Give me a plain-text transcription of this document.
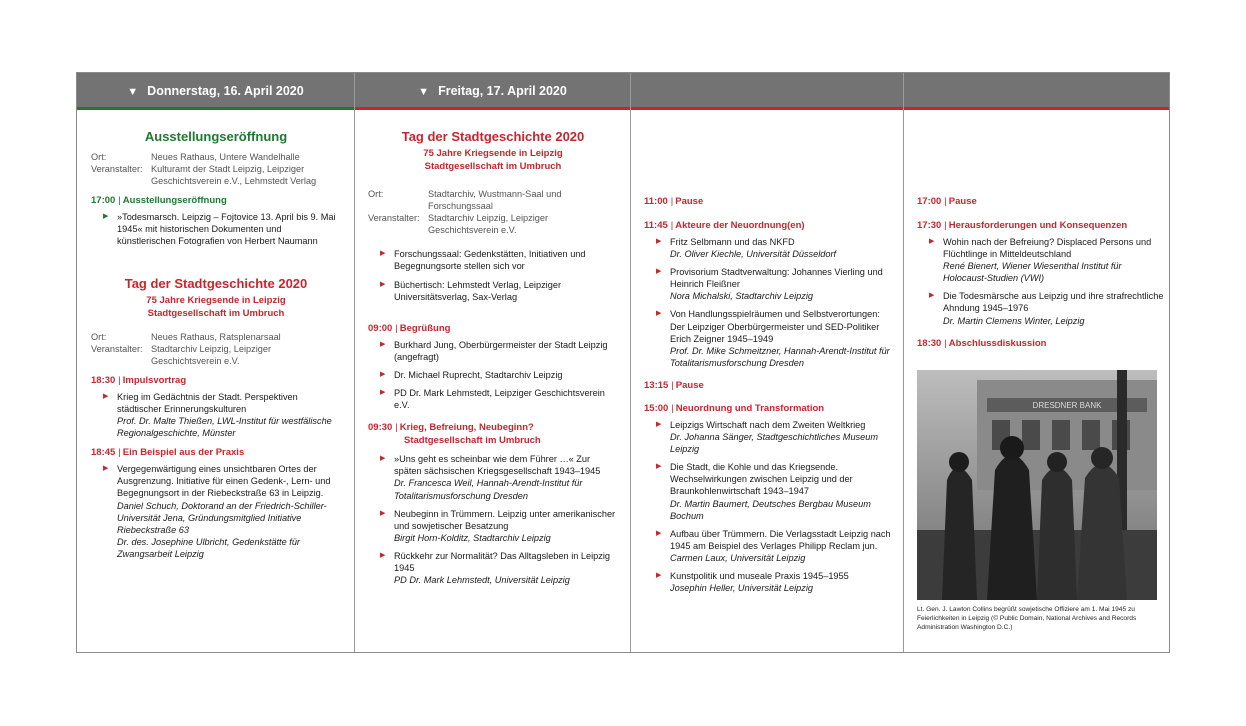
▼ Donnerstag, 16. April 2020	▼ Freitag, 17. April 2020
Ausstellungseröffnung
Ort:	Neues Rathaus, Untere Wandelhalle
Veranstalter: Kulturamt der Stadt Leipzig, Leipziger Geschichtsverein e.V., Lehmstedt Verlag
17:00 | Ausstellungseröffnung
▶ »Todesmarsch. Leipzig – Fojtovice 13. April bis 9. Mai 1945« mit historischen Dokumenten und künstlerischen Fotografien von Herbert Naumann
Tag der Stadtgeschichte 2020
75 Jahre Kriegsende in Leipzig
Stadtgesellschaft im Umbruch
Ort:	Neues Rathaus, Ratsplenarsaal
Veranstalter: Stadtarchiv Leipzig, Leipziger Geschichtsverein e.V.
18:30 | Impulsvortrag
▶ Krieg im Gedächtnis der Stadt. Perspektiven städtischer Erinnerungskulturen
Prof. Dr. Malte Thießen, LWL-Institut für westfälische Regionalgeschichte, Münster
18:45 | Ein Beispiel aus der Praxis
▶ Vergegenwärtigung eines unsichtbaren Ortes der Ausgrenzung. Initiative für einen Gedenk-, Lern- und Begegnungsort in der Riebeckstraße 63 in Leipzig.
Daniel Schuch, Doktorand an der Friedrich-Schiller-Universität Jena, Gründungsmitglied Initiative Riebeckstraße 63
Dr. des. Josephine Ulbricht, Gedenkstätte für Zwangsarbeit Leipzig
Tag der Stadtgeschichte 2020
75 Jahre Kriegsende in Leipzig
Stadtgesellschaft im Umbruch
Ort:	Stadtarchiv, Wustmann-Saal und Forschungssaal
Veranstalter: Stadtarchiv Leipzig, Leipziger Geschichtsverein e.V.
▶ Forschungssaal: Gedenkstätten, Initiativen und Begegnungsorte stellen sich vor
▶ Büchertisch: Lehmstedt Verlag, Leipziger Universitätsverlag, Sax-Verlag
09:00 | Begrüßung
▶ Burkhard Jung, Oberbürgermeister der Stadt Leipzig (angefragt)
▶ Dr. Michael Ruprecht, Stadtarchiv Leipzig
▶ PD Dr. Mark Lehmstedt, Leipziger Geschichtsverein e.V.
09:30 | Krieg, Befreiung, Neubeginn?
Stadtgesellschaft im Umbruch
▶ »Uns geht es scheinbar wie dem Führer …« Zur späten sächsischen Kriegsgesellschaft 1943–1945
Dr. Francesca Weil, Hannah-Arendt-Institut für Totalitarismusforschung Dresden
▶ Neubeginn in Trümmern. Leipzig unter amerikanischer und sowjetischer Besatzung
Birgit Horn-Kolditz, Stadtarchiv Leipzig
▶ Rückkehr zur Normalität? Das Alltagsleben in Leipzig 1945
PD Dr. Mark Lehmstedt, Universität Leipzig
11:00 | Pause
11:45 | Akteure der Neuordnung(en)
▶ Fritz Selbmann und das NKFD
Dr. Oliver Kiechle, Universität Düsseldorf
▶ Provisorium Stadtverwaltung: Johannes Vierling und Heinrich Fleißner
Nora Michalski, Stadtarchiv Leipzig
▶ Von Handlungsspielräumen und Selbstverortungen: Der Leipziger Oberbürgermeister und SED-Politiker Erich Zeigner 1945–1949
Prof. Dr. Mike Schmeitzner, Hannah-Arendt-Institut für Totalitarismusforschung Dresden
13:15 | Pause
15:00 | Neuordnung und Transformation
▶ Leipzigs Wirtschaft nach dem Zweiten Weltkrieg
Dr. Johanna Sänger, Stadtgeschichtliches Museum Leipzig
▶ Die Stadt, die Kohle und das Kriegsende. Wechselwirkungen zwischen Leipzig und der Braunkohlenwirtschaft 1943–1947
Dr. Martin Baumert, Deutsches Bergbau Museum Bochum
▶ Aufbau über Trümmern. Die Verlagsstadt Leipzig nach 1945 am Beispiel des Verlages Philipp Reclam jun.
Carmen Laux, Universität Leipzig
▶ Kunstpolitik und museale Praxis 1945–1955
Josephin Heller, Universität Leipzig
17:00 | Pause
17:30 | Herausforderungen und Konsequenzen
▶ Wohin nach der Befreiung? Displaced Persons und Flüchtlinge in Mitteldeutschland
René Bienert, Wiener Wiesenthal Institut für Holocaust-Studien (VWI)
▶ Die Todesmärsche aus Leipzig und ihre strafrechtliche Ahndung 1945–1976
Dr. Martin Clemens Winter, Leipzig
18:30 | Abschlussdiskussion
DRESDNER BANK
Lt. Gen. J. Lawton Collins begrüßt sowjetische Offiziere am 1. Mai 1945 zu Feierlichkeiten in Leipzig (© Public Domain, National Archives and Records Administration Washington D.C.)
